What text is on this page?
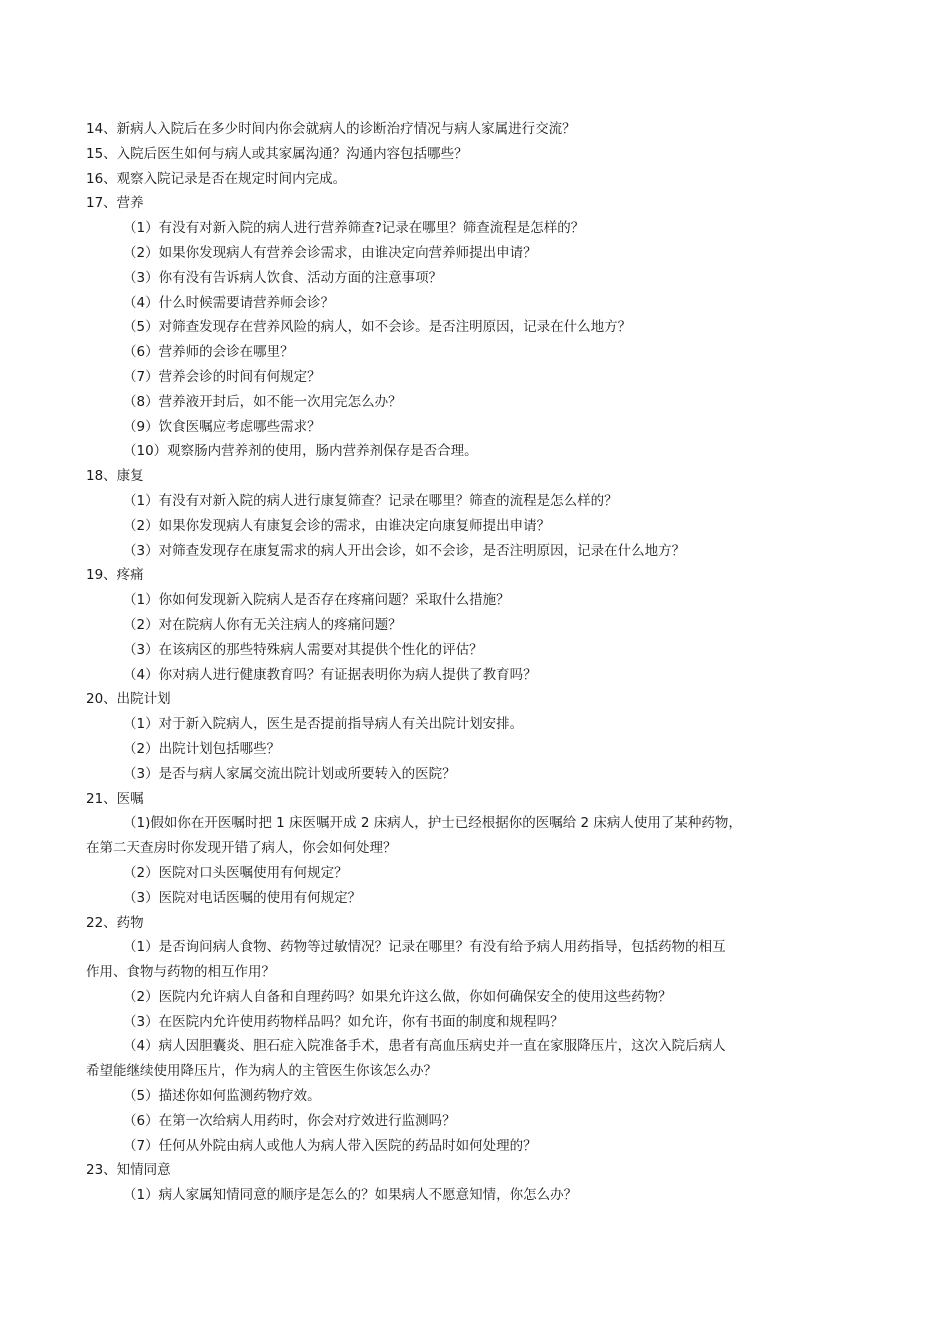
14、新病人入院后在多少时间内你会就病人的诊断治疗情况与病人家属进行交流？
15、入院后医生如何与病人或其家属沟通？沟通内容包括哪些？
16、观察入院记录是否在规定时间内完成。
17、营养
（1）有没有对新入院的病人进行营养筛查?记录在哪里？筛查流程是怎样的？
（2）如果你发现病人有营养会诊需求，由谁决定向营养师提出申请？
（3）你有没有告诉病人饮食、活动方面的注意事项？
（4）什么时候需要请营养师会诊？
（5）对筛查发现存在营养风险的病人，如不会诊。是否注明原因，记录在什么地方？
（6）营养师的会诊在哪里？
（7）营养会诊的时间有何规定？
（8）营养液开封后，如不能一次用完怎么办？
（9）饮食医嘱应考虑哪些需求？
（10）观察肠内营养剂的使用，肠内营养剂保存是否合理。
18、康复
（1）有没有对新入院的病人进行康复筛查？记录在哪里？筛查的流程是怎么样的？
（2）如果你发现病人有康复会诊的需求，由谁决定向康复师提出申请？
（3）对筛查发现存在康复需求的病人开出会诊，如不会诊，是否注明原因，记录在什么地方？
19、疼痛
（1）你如何发现新入院病人是否存在疼痛问题？采取什么措施？
（2）对在院病人你有无关注病人的疼痛问题？
（3）在该病区的那些特殊病人需要对其提供个性化的评估？
（4）你对病人进行健康教育吗？有证据表明你为病人提供了教育吗？
20、出院计划
（1）对于新入院病人，医生是否提前指导病人有关出院计划安排。
（2）出院计划包括哪些？
（3）是否与病人家属交流出院计划或所要转入的医院？
21、医嘱
（1)假如你在开医嘱时把 1 床医嘱开成 2 床病人，护士已经根据你的医嘱给 2 床病人使用了某种药物，
在第二天查房时你发现开错了病人，你会如何处理？
（2）医院对口头医嘱使用有何规定？
（3）医院对电话医嘱的使用有何规定？
22、药物
（1）是否询问病人食物、药物等过敏情况？记录在哪里？有没有给予病人用药指导，包括药物的相互
作用、食物与药物的相互作用？
（2）医院内允许病人自备和自理药吗？如果允许这么做，你如何确保安全的使用这些药物？
（3）在医院内允许使用药物样品吗？如允许，你有书面的制度和规程吗？
（4）病人因胆囊炎、胆石症入院准备手术，患者有高血压病史并一直在家服降压片，这次入院后病人
希望能继续使用降压片，作为病人的主管医生你该怎么办？
（5）描述你如何监测药物疗效。
（6）在第一次给病人用药时，你会对疗效进行监测吗？
（7）任何从外院由病人或他人为病人带入医院的药品时如何处理的？
23、知情同意
（1）病人家属知情同意的顺序是怎么的？如果病人不愿意知情，你怎么办？
